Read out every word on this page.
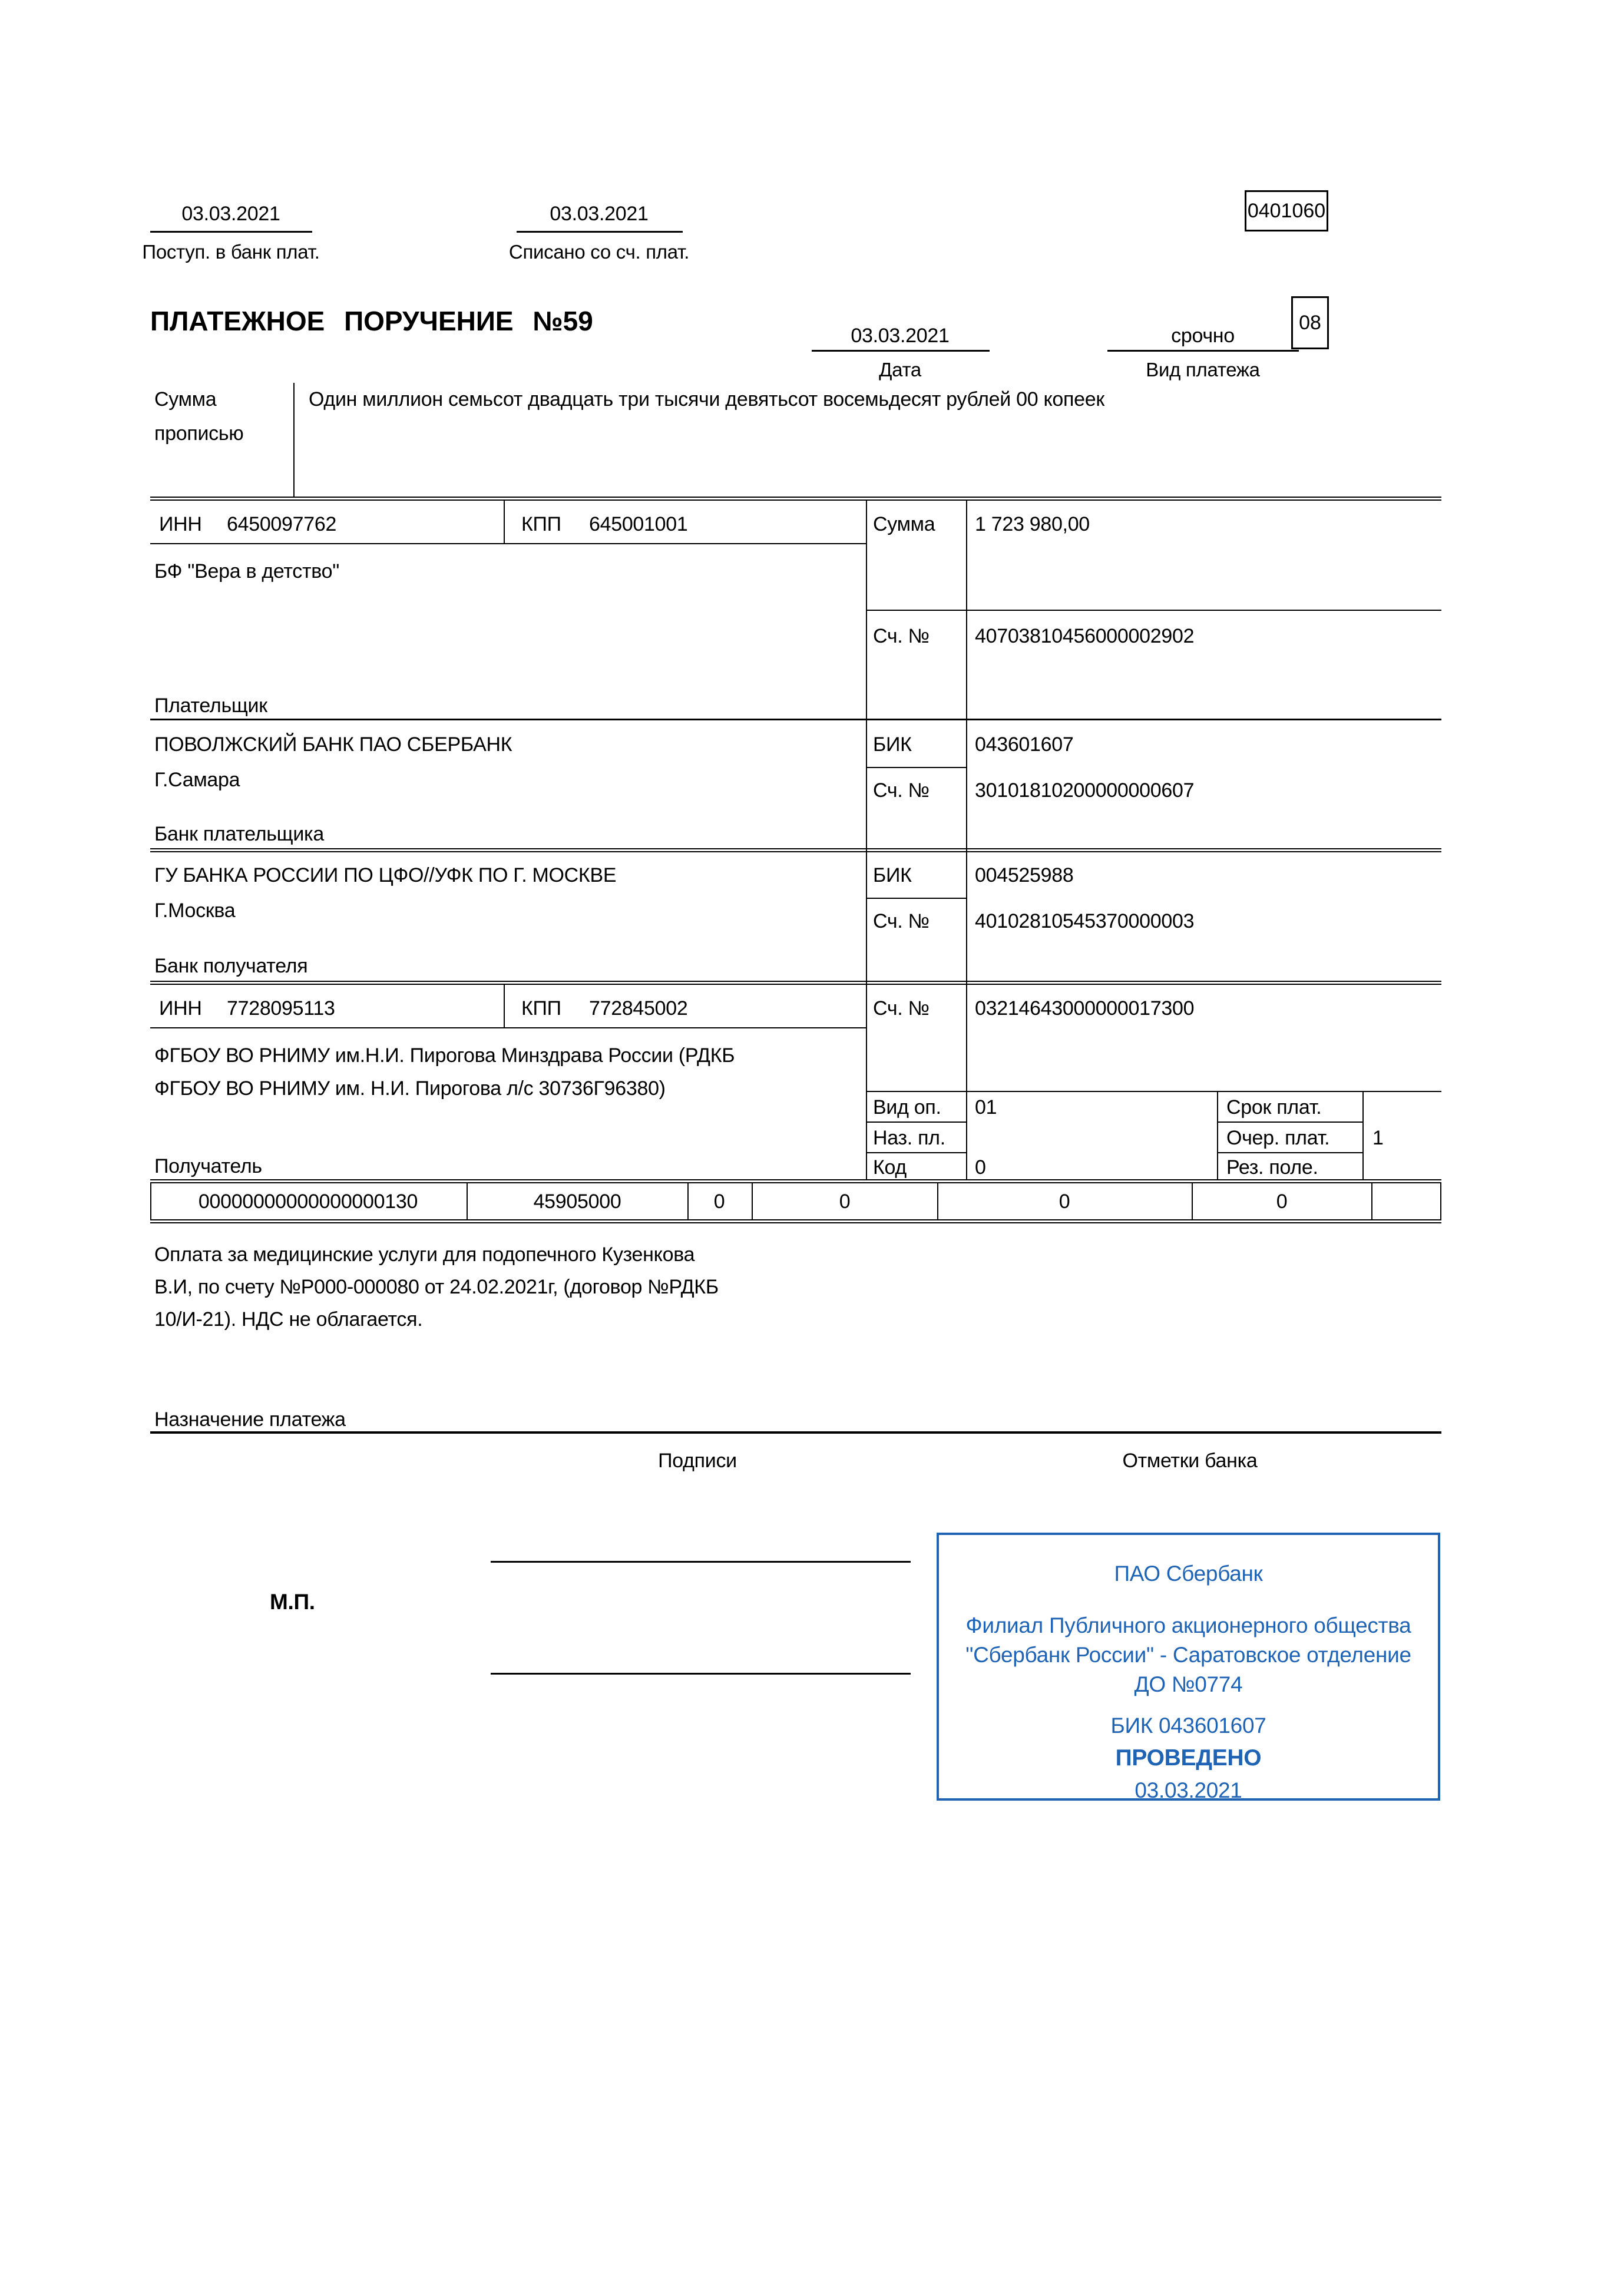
03.03.2021
Поступ. в банк плат.
03.03.2021
Списано со сч. плат.
0401060
ПЛАТЕЖНОЕ ПОРУЧЕНИЕ №59	03.03.2021
Дата
срочно
Вид платежа
08
Сумма
прописью
Один миллион семьсот двадцать три тысячи девятьсот восемьдесят рублей 00 копеек
ИНН 6450097762	КПП 645001001	Сумма 1 723 980,00
БФ "Вера в детство"
Плательщик
Сч. № 40703810456000002902
ПОВОЛЖСКИЙ БАНК ПАО СБЕРБАНК
Г.Самара
БИК	043601607
Сч. № 30101810200000000607
Банк плательщика
ГУ БАНКА РОССИИ ПО ЦФО//УФК ПО Г. МОСКВЕ
Г.Москва
БИК	004525988
Сч. № 40102810545370000003
Банк получателя
ИНН 7728095113	КПП 772845002	Сч. № 03214643000000017300
ФГБОУ ВО РНИМУ им.Н.И. Пирогова Минздрава России (РДКБ
ФГБОУ ВО РНИМУ им. Н.И. Пирогова л/с 30736Г96380)
Получатель
Вид оп. 01	Срок плат.
Наз. пл.	Очер. плат. 1
Код	0	Рез. поле.
00000000000000000130	45905000	0	0	0	0
Оплата за медицинские услуги для подопечного Кузенкова
В.И, по счету №Р000-000080 от 24.02.2021г, (договор №РДКБ
10/И-21). НДС не облагается.
Назначение платежа
Подписи	Отметки банка
М.П.
ПАО Сбербанк
Филиал Публичного акционерного общества
"Сбербанк России" - Саратовское отделение
ДО №0774
БИК 043601607
ПРОВЕДЕНО
03.03.2021
